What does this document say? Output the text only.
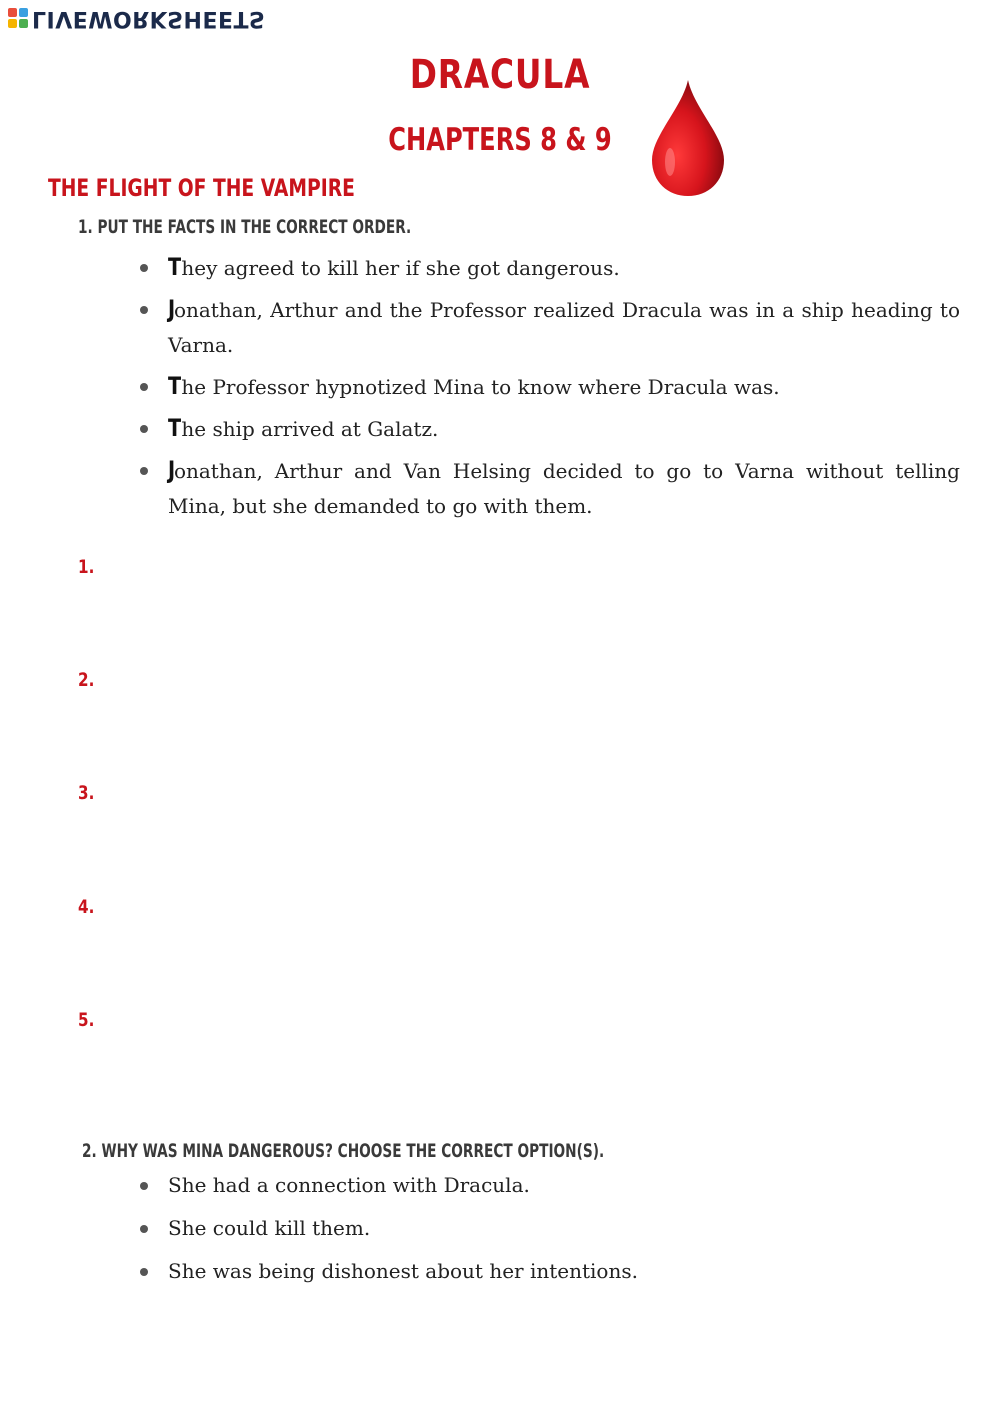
LIVEWORKSHEETS
DRACULA
CHAPTERS 8 & 9
THE FLIGHT OF THE VAMPIRE
1. PUT THE FACTS IN THE CORRECT ORDER.
They agreed to kill her if she got dangerous.
Jonathan, Arthur and the Professor realized Dracula was in a ship heading to Varna.
The Professor hypnotized Mina to know where Dracula was.
The ship arrived at Galatz.
Jonathan, Arthur and Van Helsing decided to go to Varna without telling Mina, but she demanded to go with them.
1.
2.
3.
4.
5.
2. WHY WAS MINA DANGEROUS? CHOOSE THE CORRECT OPTION(S).
She had a connection with Dracula.
She could kill them.
She was being dishonest about her intentions.
